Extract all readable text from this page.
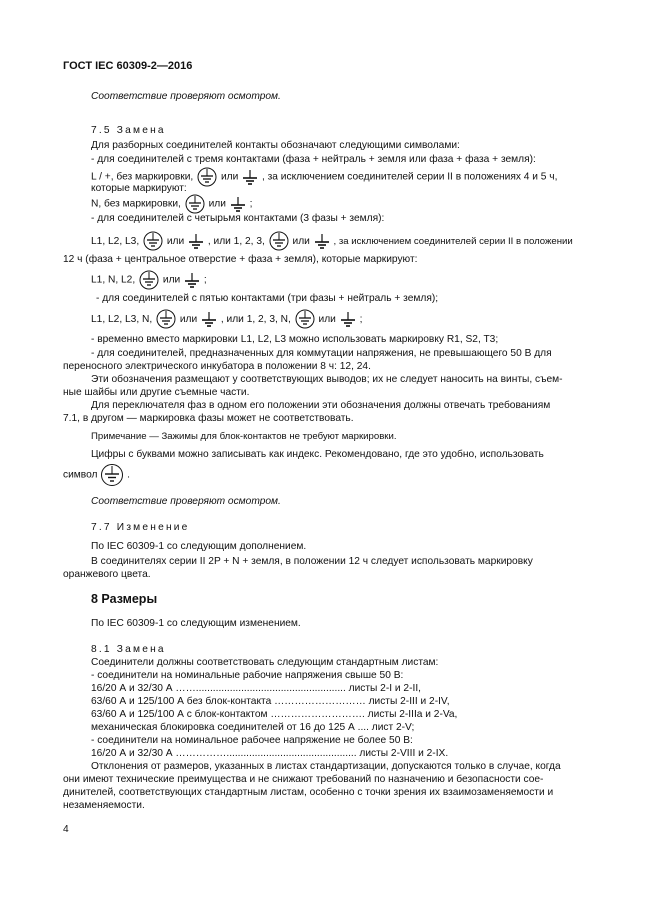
ГОСТ IEC 60309-2—2016
Соответствие проверяют осмотром.
7.5 Замена
Для разборных соединителей контакты обозначают следующими символами:
- для соединителей с тремя контактами (фаза + нейтраль + земля или фаза + фаза + земля):
L / +, без маркировки,	или , за исключением соединителей серии II в положениях 4 и 5 ч,
которые маркируют:
N, без маркировки,	или ;
- для соединителей с четырьмя контактами (3 фазы + земля):
L1, L2, L3,	или , или 1, 2, 3,	или , за исключением соединителей серии II в положении
12 ч (фаза + центральное отверстие + фаза + земля), которые маркируют:
L1, N, L2,	или ;
- для соединителей с пятью контактами (три фазы + нейтраль + земля);
L1, L2, L3, N,	или , или 1, 2, 3, N,	или ;
- временно вместо маркировки L1, L2, L3 можно использовать маркировку R1, S2, T3;
- для соединителей, предназначенных для коммутации напряжения, не превышающего 50 В для
переносного электрического инкубатора в положении 8 ч: 12, 24.
Эти обозначения размещают у соответствующих выводов; их не следует наносить на винты, съем-
ные шайбы или другие съемные части.
Для переключателя фаз в одном его положении эти обозначения должны отвечать требованиям
7.1, в другом — маркировка фазы может не соответствовать.
Примечание — Зажимы для блок-контактов не требуют маркировки.
Цифры с буквами можно записывать как индекс. Рекомендовано, где это удобно, использовать
символ	.
Соответствие проверяют осмотром.
7.7 Изменение
По IEC 60309-1 со следующим дополнением.
В соединителях серии II 2P + N + земля, в положении 12 ч следует использовать маркировку
оранжевого цвета.
8 Размеры
По IEC 60309-1 со следующим изменением.
8.1 Замена
Соединители должны соответствовать следующим стандартным листам:
- соединители на номинальные рабочие напряжения свыше 50 В:
16/20 А и 32/30 А ……..................................................... листы 2-I и 2-II,
63/60 А и 125/100 А без блок-контакта ……………………… листы 2-III и 2-IV,
63/60 А и 125/100 А с блок-контактом ………………………. листы 2-IIIa и 2-Va,
механическая блокировка соединителей от 16 до 125 А .... лист 2-V;
- соединители на номинальное рабочее напряжение не более 50 В:
16/20 А и 32/30 А …………….............................................. листы 2-VIII и 2-IX.
Отклонения от размеров, указанных в листах стандартизации, допускаются только в случае, когда
они имеют технические преимущества и не снижают требований по назначению и безопасности сое-
динителей, соответствующих стандартным листам, особенно с точки зрения их взаимозаменяемости и
незаменяемости.
4
